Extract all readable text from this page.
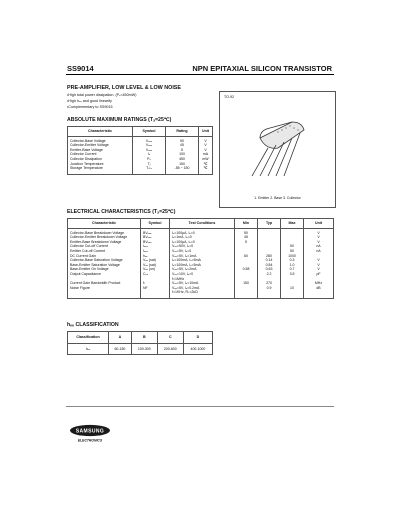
SS9014	NPN EPITAXIAL SILICON TRANSISTOR
PRE-AMPLIFIER, LOW LEVEL & LOW NOISE
• High total power dissipation. (Pₓ=450mW)
• High hₑₑ and good linearity
• Complementary to SS9015
ABSOLUTE MAXIMUM RATINGS (Tₐ=25℃)
Characteristic	Symbol	Rating	Unit
Collector-Base Voltage	Vₑₑₑ	50	V
Collector-Emitter Voltage	Vₑₑₑ	45	V
Emitter-Base Voltage	Vₑₑₑ	5	V
Collector Current	Iₑ	100	mA
Collector Dissipation	Pₑ	450	mW
Junction Temperature	Tⱼ	150	℃
Storage Temperature	Tₛₜₑ	-55 ~ 150	℃
TO-92
1. Emitter 2. Base 3. Collector
ELECTRICAL CHARACTERISTICS (Tₐ=25℃)
Characteristic	Symbol	Test Conditions	Min	Typ	Max	Unit
Collector-Base Breakdown Voltage	BVₑₑₑ	Iₑ=100μA, Iₑ=0	50			V
Collector-Emitter Breakdown Voltage	BVₑₑₑ	Iₑ=1mA, Iₑ=0	45			V
Emitter-Base Breakdown Voltage	BVₑₑₑ	Iₑ=100μA, Iₑ=0	5			V
Collector Cut-off Current	Iₑₑₑ	Vₑₑ=50V, Iₑ=0			50	nA
Emitter Cut-off Current	Iₑₑₑ	Vₑₑ=5V, Iₑ=0			50	nA
DC Current Gain	hₑₑ	Vₑₑ=5V, Iₑ=1mA	60	280	1000	
Collector-Base Saturation Voltage	Vₑₑ (sat)	Iₑ=100mA, Iₑ=5mA		0.14	0.3	V
Base-Emitter Saturation Voltage	Vₑₑ (sat)	Iₑ=100mA, Iₑ=5mA		0.84	1.0	V
Base-Emitter On Voltage	Vₑₑ (on)	Vₑₑ=5V, Iₑ=2mA	0.58	0.63	0.7	V
Output Capacitance	Cₒₑ	Vₑₑ=10V, Iₑ=0		2.2	3.5	pF
		f=1MHz				
Current Gain Bandwidth Product	fₜ	Vₑₑ=5V, Iₑ=10mA	150	270		MHz
Noise Figure	NF	Vₑₑ=5V, Iₑ=0.2mA		0.9	10	dB
		f=1KHz, Rₛ=2kΩ				
hₑₑ CLASSIFICATION
Classification	A	B	C	D
hₑₑ	60-150	100-300	200-600	400-1000
SAMSUNG
ELECTRONICS
